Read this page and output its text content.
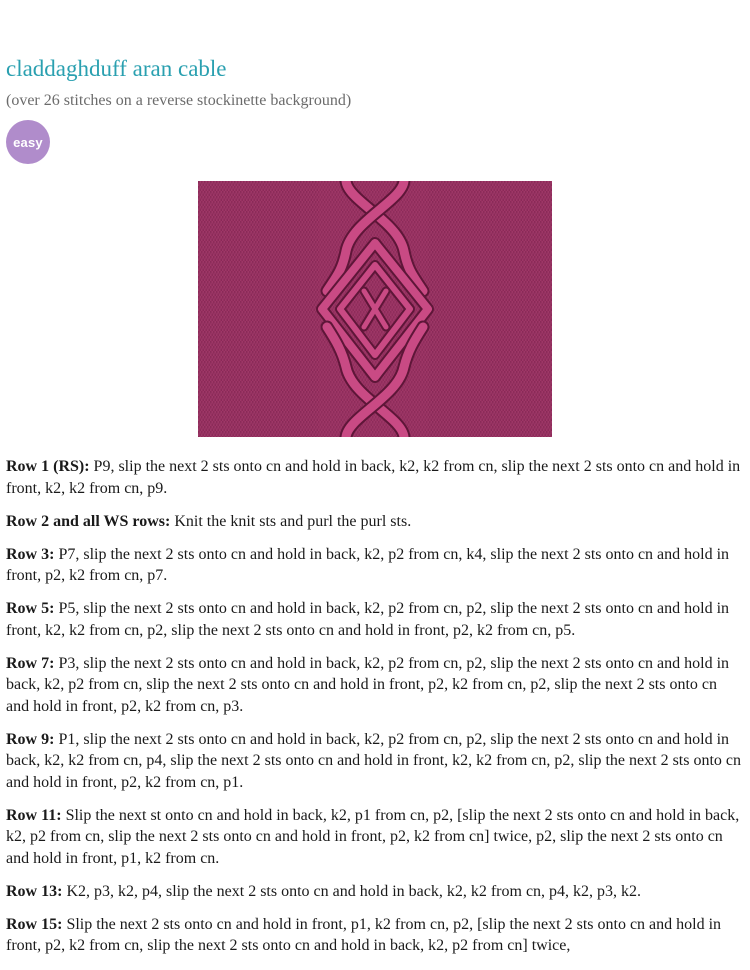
claddaghduff aran cable

(over 26 stitches on a reverse stockinette background)

easy

Row 1 (RS): P9, slip the next 2 sts onto cn and hold in back, k2, k2 from cn, slip the next 2 sts onto cn and hold in front, k2, k2 from cn, p9.

Row 2 and all WS rows: Knit the knit sts and purl the purl sts.

Row 3: P7, slip the next 2 sts onto cn and hold in back, k2, p2 from cn, k4, slip the next 2 sts onto cn and hold in front, p2, k2 from cn, p7.

Row 5: P5, slip the next 2 sts onto cn and hold in back, k2, p2 from cn, p2, slip the next 2 sts onto cn and hold in front, k2, k2 from cn, p2, slip the next 2 sts onto cn and hold in front, p2, k2 from cn, p5.

Row 7: P3, slip the next 2 sts onto cn and hold in back, k2, p2 from cn, p2, slip the next 2 sts onto cn and hold in back, k2, p2 from cn, slip the next 2 sts onto cn and hold in front, p2, k2 from cn, p2, slip the next 2 sts onto cn and hold in front, p2, k2 from cn, p3.

Row 9: P1, slip the next 2 sts onto cn and hold in back, k2, p2 from cn, p2, slip the next 2 sts onto cn and hold in back, k2, k2 from cn, p4, slip the next 2 sts onto cn and hold in front, k2, k2 from cn, p2, slip the next 2 sts onto cn and hold in front, p2, k2 from cn, p1.

Row 11: Slip the next st onto cn and hold in back, k2, p1 from cn, p2, [slip the next 2 sts onto cn and hold in back, k2, p2 from cn, slip the next 2 sts onto cn and hold in front, p2, k2 from cn] twice, p2, slip the next 2 sts onto cn and hold in front, p1, k2 from cn.

Row 13: K2, p3, k2, p4, slip the next 2 sts onto cn and hold in back, k2, k2 from cn, p4, k2, p3, k2.

Row 15: Slip the next 2 sts onto cn and hold in front, p1, k2 from cn, p2, [slip the next 2 sts onto cn and hold in front, p2, k2 from cn, slip the next 2 sts onto cn and hold in back, k2, p2 from cn] twice,
